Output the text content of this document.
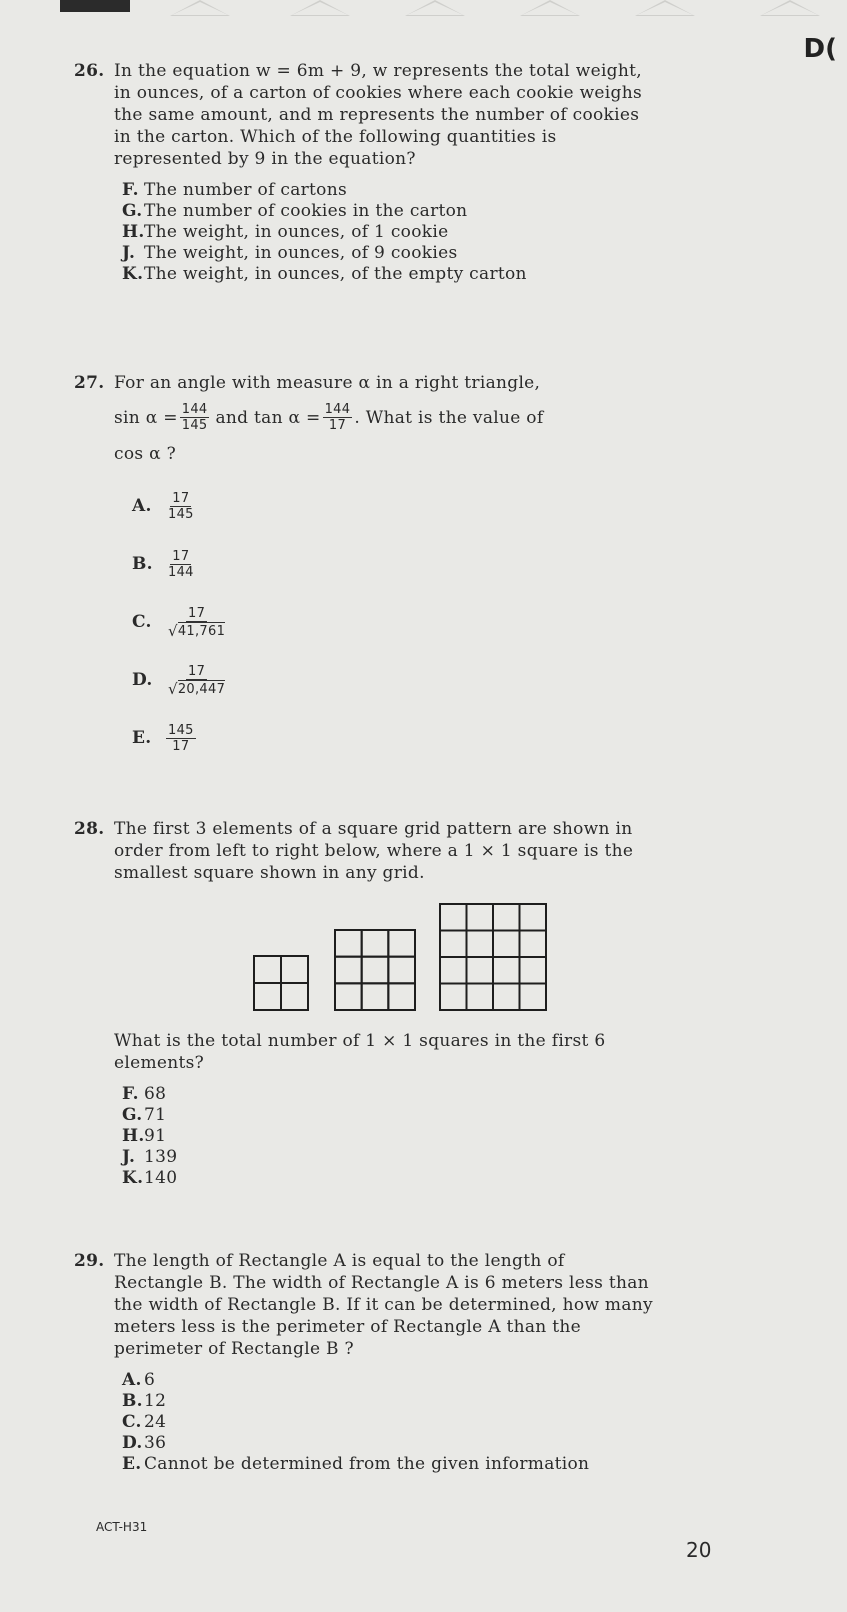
D(
26. In the equation w = 6m + 9, w represents the total weight, in ounces, of a carton of cookies where each cookie weighs the same amount, and m represents the number of cookies in the carton. Which of the following quantities is represented by 9 in the equation?

F. The number of cartons
G. The number of cookies in the carton
H. The weight, in ounces, of 1 cookie
J. The weight, in ounces, of 9 cookies
K. The weight, in ounces, of the empty carton
27. For an angle with measure α in a right triangle,

$\sin \alpha = \frac{144}{145}$ and $\tan \alpha = \frac{144}{17}$ . What is the value of

cos α ?

A.	$\frac{17}{145}$
B.	$\frac{17}{144}$
C.	$\frac{17}{√ 41,761}$
D.	$\frac{17}{√ 20,447}$
E.	$\frac{145}{17}$
28. The first 3 elements of a square grid pattern are shown in order from left to right below, where a 1 × 1 square is the smallest square shown in any grid.

What is the total number of 1 × 1 squares in the first 6 elements?

F. 68
G. 71
H. 91
J. 139
K. 140
29. The length of Rectangle A is equal to the length of Rectangle B. The width of Rectangle A is 6 meters less than the width of Rectangle B. If it can be determined, how many meters less is the perimeter of Rectangle A than the perimeter of Rectangle B ?

A. 6
B. 12
C. 24
D. 36
E. Cannot be determined from the given information
ACT-H31
20
